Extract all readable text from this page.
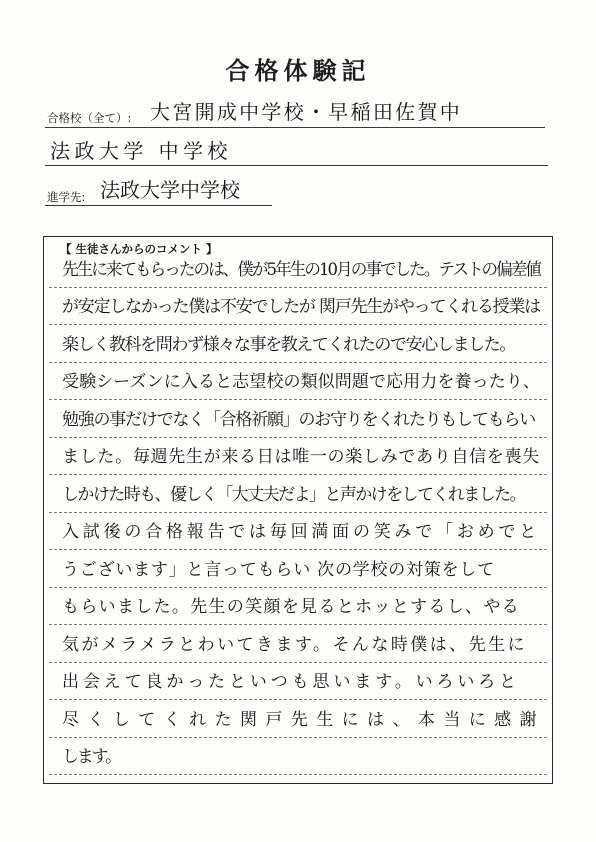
合格体験記
合格校（全て）: 大宮開成中学校・早稲田佐賀中
法政大学 中学校
進学先: 法政大学中学校
【 生徒さんからのコメント 】
先生に来てもらったのは、僕が5年生の10月の事でした。テストの偏差値
が安定しなかった僕は不安でしたが 関戸先生がやってくれる授業は
楽しく教科を問わず様々な事を教えてくれたので安心しました。
受験シーズンに入ると志望校の類似問題で応用力を養ったり、
勉強の事だけでなく「合格祈願」のお守りをくれたりもしてもらい
ました。毎週先生が来る日は唯一の楽しみであり自信を喪失
しかけた時も、優しく「大丈夫だよ」と声かけをしてくれました。
入試後の合格報告では毎回満面の笑みで「おめでと
うございます」と言ってもらい 次の学校の対策をして
もらいました。先生の笑顔を見るとホッとするし、やる
気がメラメラとわいてきます。そんな時僕は、先生に
出会えて良かったといつも思います。いろいろと
尽くしてくれた関戸先生には、本当に感謝
します。
